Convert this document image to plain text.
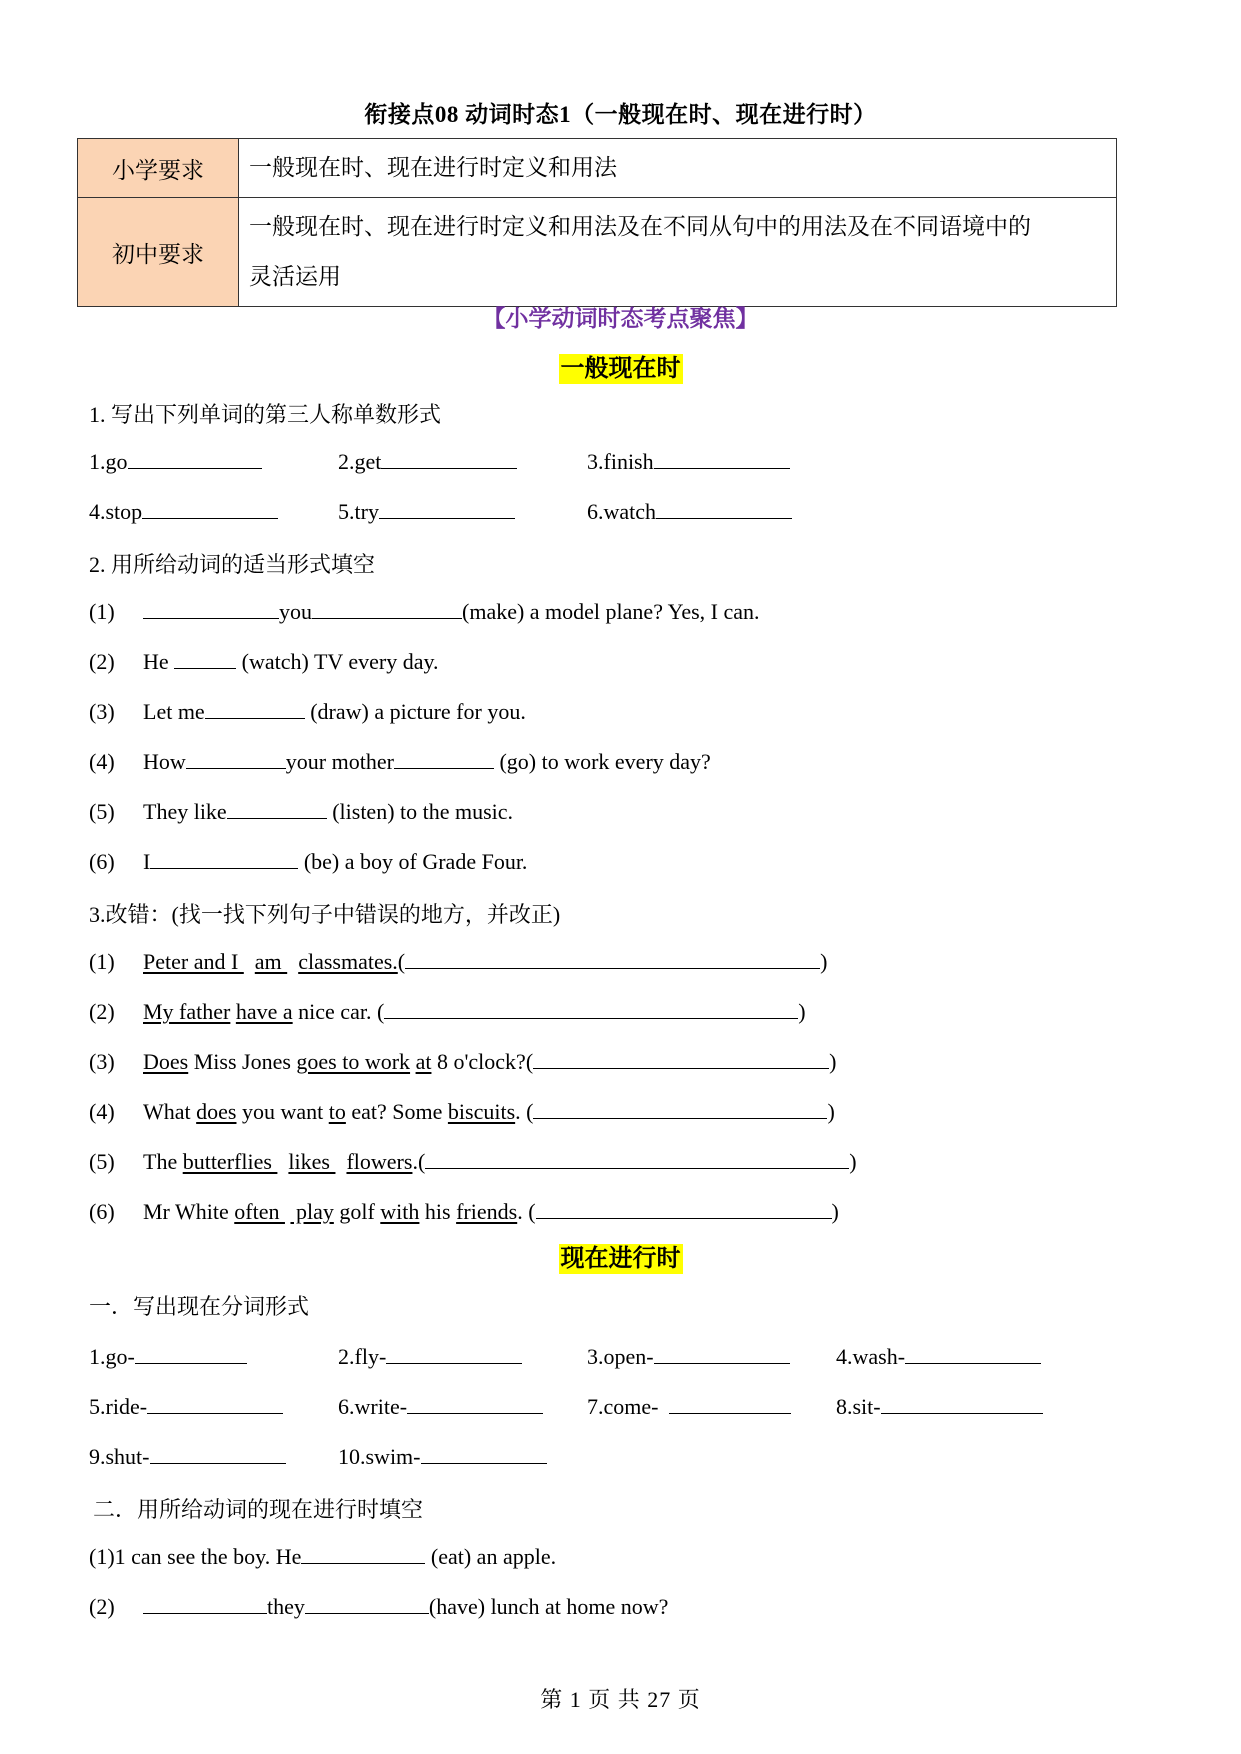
衔接点08 动词时态1（一般现在时、现在进行时）
小学要求	一般现在时、现在进行时定义和用法
初中要求	一般现在时、现在进行时定义和用法及在不同从句中的用法及在不同语境中的
灵活运用
【小学动词时态考点聚焦】
一般现在时
1. 写出下列单词的第三人称单数形式
1.go	2.get	3.finish
4.stop	5.try	6.watch
2. 用所给动词的适当形式填空
(1)	you	(make) a model plane? Yes, I can.
(2) He	(watch) TV every day.
(3) Let me	(draw) a picture for you.
(4) How	your mother	(go) to work every day?
(5) They like	(listen) to the music.
(6) I	(be) a boy of Grade Four.
3.改错：(找一找下列句子中错误的地方，并改正)
(1) Peter and I   am   classmates.(	)
(2) My father have a nice car. (	)
(3) Does Miss Jones goes to work at 8 o'clock?(	)
(4) What does you want to eat? Some biscuits. (	)
(5) The butterflies   likes   flowers.(	)
(6) Mr White often   play golf with his friends. (	)
现在进行时
一．写出现在分词形式
1.go-	2.fly-	3.open-	4.wash-
5.ride-	6.write-	7.come-	8.sit-
9.shut-	10.swim-
二．用所给动词的现在进行时填空
(1)1 can see the boy. He	(eat) an apple.
(2)	they	(have) lunch at home now?
第 1 页 共 27 页
